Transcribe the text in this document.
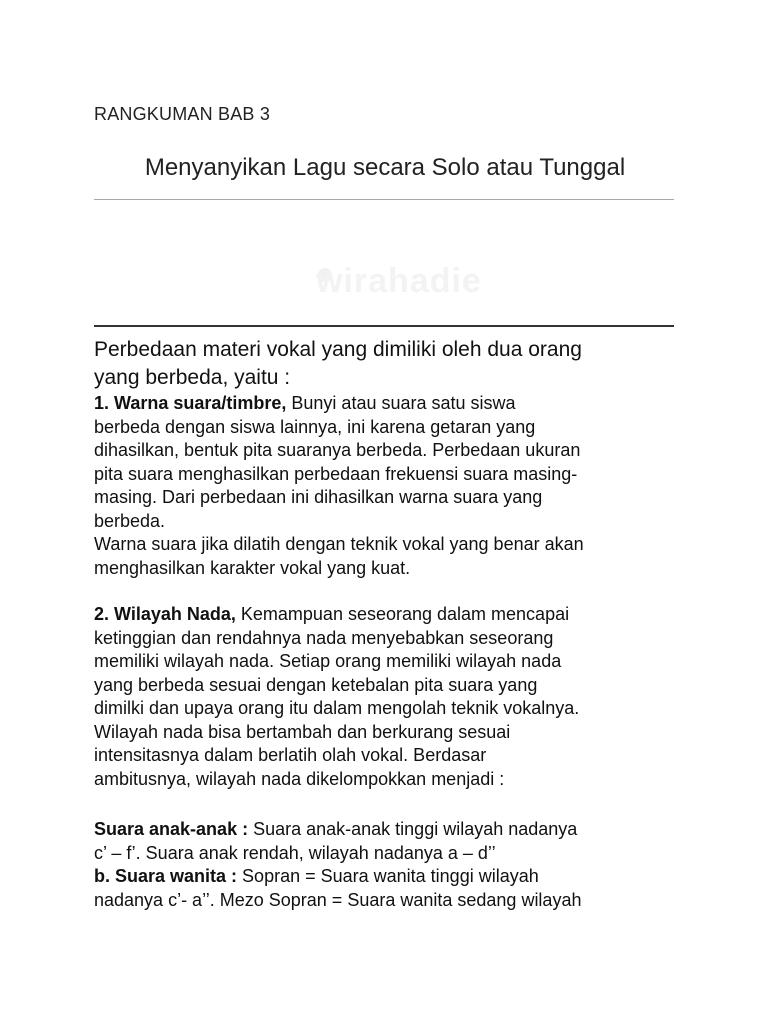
RANGKUMAN BAB 3
Menyanyikan Lagu secara Solo atau Tunggal
wirahadie
Perbedaan materi vokal yang dimiliki oleh dua orang
yang berbeda, yaitu :
1. Warna suara/timbre, Bunyi atau suara satu siswa
berbeda dengan siswa lainnya, ini karena getaran yang
dihasilkan, bentuk pita suaranya berbeda. Perbedaan ukuran
pita suara menghasilkan perbedaan frekuensi suara masing-
masing. Dari perbedaan ini dihasilkan warna suara yang
berbeda.
Warna suara jika dilatih dengan teknik vokal yang benar akan
menghasilkan karakter vokal yang kuat.
2. Wilayah Nada, Kemampuan seseorang dalam mencapai
ketinggian dan rendahnya nada menyebabkan seseorang
memiliki wilayah nada. Setiap orang memiliki wilayah nada
yang berbeda sesuai dengan ketebalan pita suara yang
dimilki dan upaya orang itu dalam mengolah teknik vokalnya.
Wilayah nada bisa bertambah dan berkurang sesuai
intensitasnya dalam berlatih olah vokal. Berdasar
ambitusnya, wilayah nada dikelompokkan menjadi :
Suara anak-anak : Suara anak-anak tinggi wilayah nadanya
c’ – f’. Suara anak rendah, wilayah nadanya a – d’’
b. Suara wanita : Sopran = Suara wanita tinggi wilayah
nadanya c’- a’’. Mezo Sopran = Suara wanita sedang wilayah
